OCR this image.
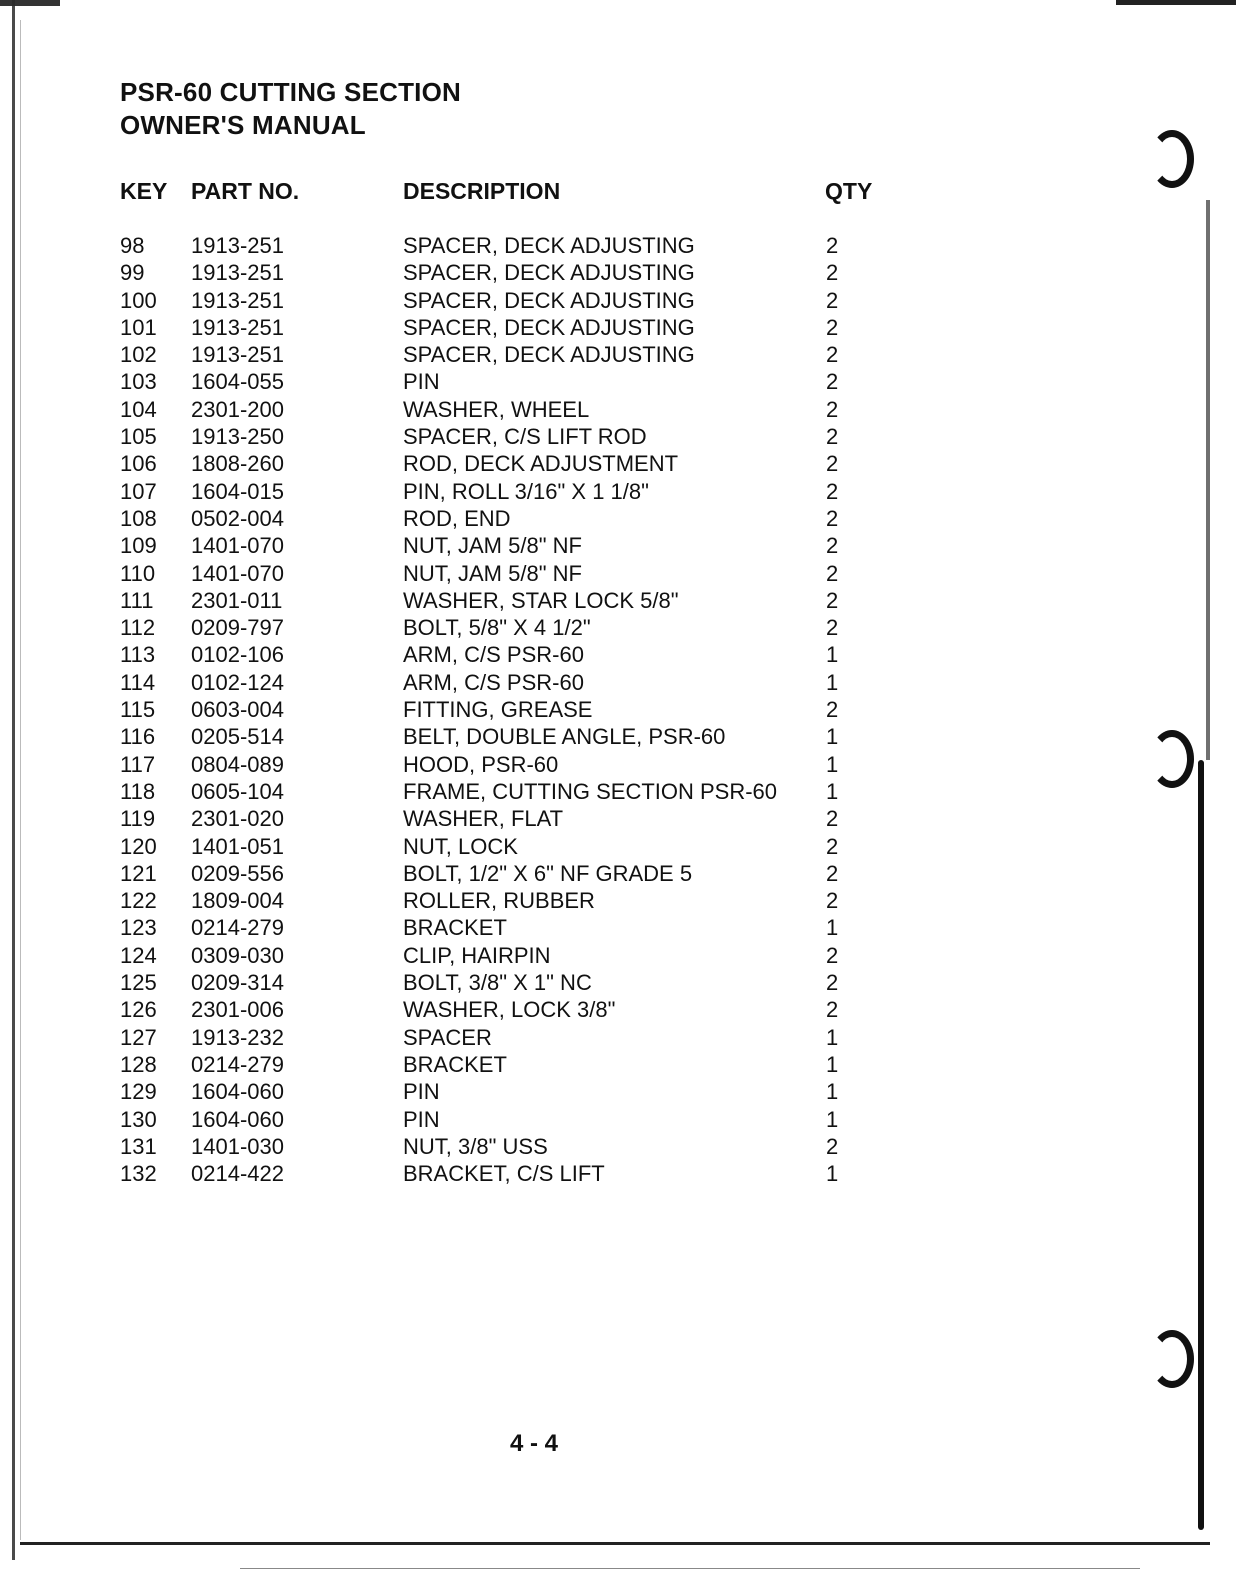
PSR-60 CUTTING SECTION
OWNER'S MANUAL
KEY PART NO.	DESCRIPTION	QTY
98 1913-251	SPACER, DECK ADJUSTING	2
99 1913-251	SPACER, DECK ADJUSTING	2
100 1913-251	SPACER, DECK ADJUSTING	2
101 1913-251	SPACER, DECK ADJUSTING	2
102 1913-251	SPACER, DECK ADJUSTING	2
103 1604-055	PIN	2
104 2301-200	WASHER, WHEEL	2
105 1913-250	SPACER, C/S LIFT ROD	2
106 1808-260	ROD, DECK ADJUSTMENT	2
107 1604-015	PIN, ROLL 3/16" X 1 1/8"	2
108 0502-004	ROD, END	2
109 1401-070	NUT, JAM 5/8" NF	2
110 1401-070	NUT, JAM 5/8" NF	2
111 2301-011	WASHER, STAR LOCK 5/8"	2
112 0209-797	BOLT, 5/8" X 4 1/2"	2
113 0102-106	ARM, C/S PSR-60	1
114 0102-124	ARM, C/S PSR-60	1
115 0603-004	FITTING, GREASE	2
116 0205-514	BELT, DOUBLE ANGLE, PSR-60	1
117 0804-089	HOOD, PSR-60	1
118 0605-104	FRAME, CUTTING SECTION PSR-60 1
119 2301-020	WASHER, FLAT	2
120 1401-051	NUT, LOCK	2
121 0209-556	BOLT, 1/2" X 6" NF GRADE 5	2
122 1809-004	ROLLER, RUBBER	2
123 0214-279	BRACKET	1
124 0309-030	CLIP, HAIRPIN	2
125 0209-314	BOLT, 3/8" X 1" NC	2
126 2301-006	WASHER, LOCK 3/8"	2
127 1913-232	SPACER	1
128 0214-279	BRACKET	1
129 1604-060	PIN	1
130 1604-060	PIN	1
131 1401-030	NUT, 3/8" USS	2
132 0214-422	BRACKET, C/S LIFT	1
4 - 4
